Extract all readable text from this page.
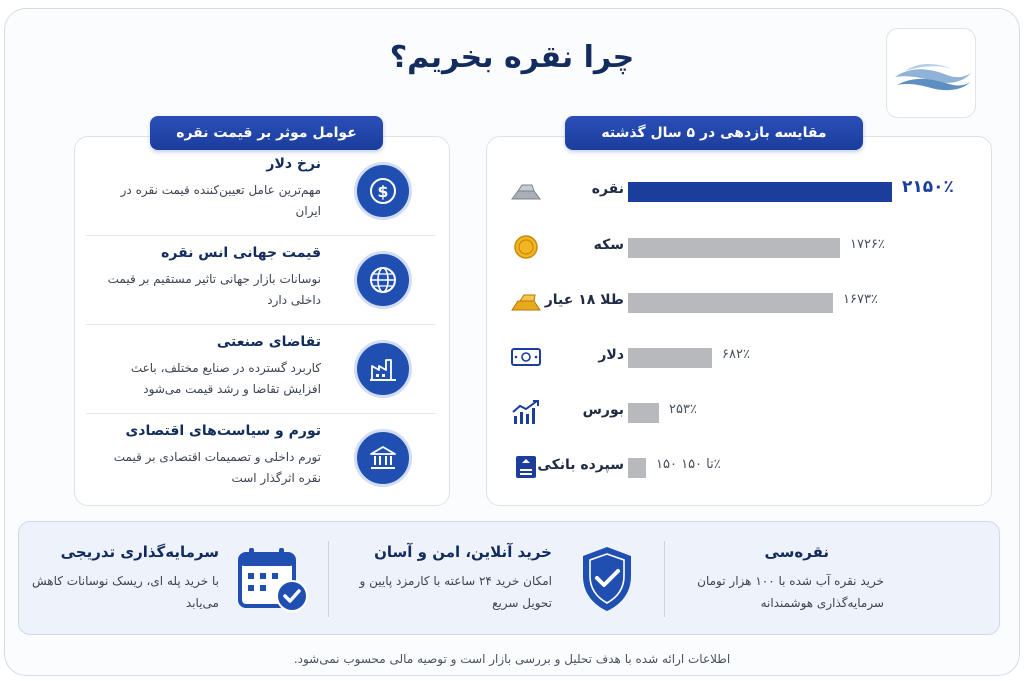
چرا نقره بخریم؟
عوامل موثر بر قیمت نقره
$
نرخ دلار
مهم‌ترین عامل تعیین‌کننده قیمت نقره در ایران
قیمت جهانی انس نقره
نوسانات بازار جهانی تاثیر مستقیم بر قیمت داخلی دارد
تقاضای صنعتی
کاربرد گسترده در صنایع مختلف، باعث افزایش تقاضا و رشد قیمت می‌شود
تورم و سیاست‌های اقتصادی
تورم داخلی و تصمیمات اقتصادی بر قیمت نقره اثرگذار است
مقایسه بازدهی در ۵ سال گذشته
نقره	۲۱۵۰٪
سکه	۱۷۲۶٪
طلا ۱۸ عیار	۱۶۷۳٪
دلار	۶۸۲٪
بورس	۲۵۳٪
سپرده بانکی ۱۵۰ تا ۱۵۰٪
نقره‌سی
خرید نقره آب شده با ۱۰۰ هزار تومان سرمایه‌گذاری هوشمندانه
خرید آنلاین، امن و آسان
امکان خرید ۲۴ ساعته با کارمزد پایین و تحویل سریع
سرمایه‌گذاری تدریجی
با خرید پله ای، ریسک نوسانات کاهش می‌یابد
اطلاعات ارائه شده با هدف تحلیل و بررسی بازار است و توصیه مالی محسوب نمی‌شود.
